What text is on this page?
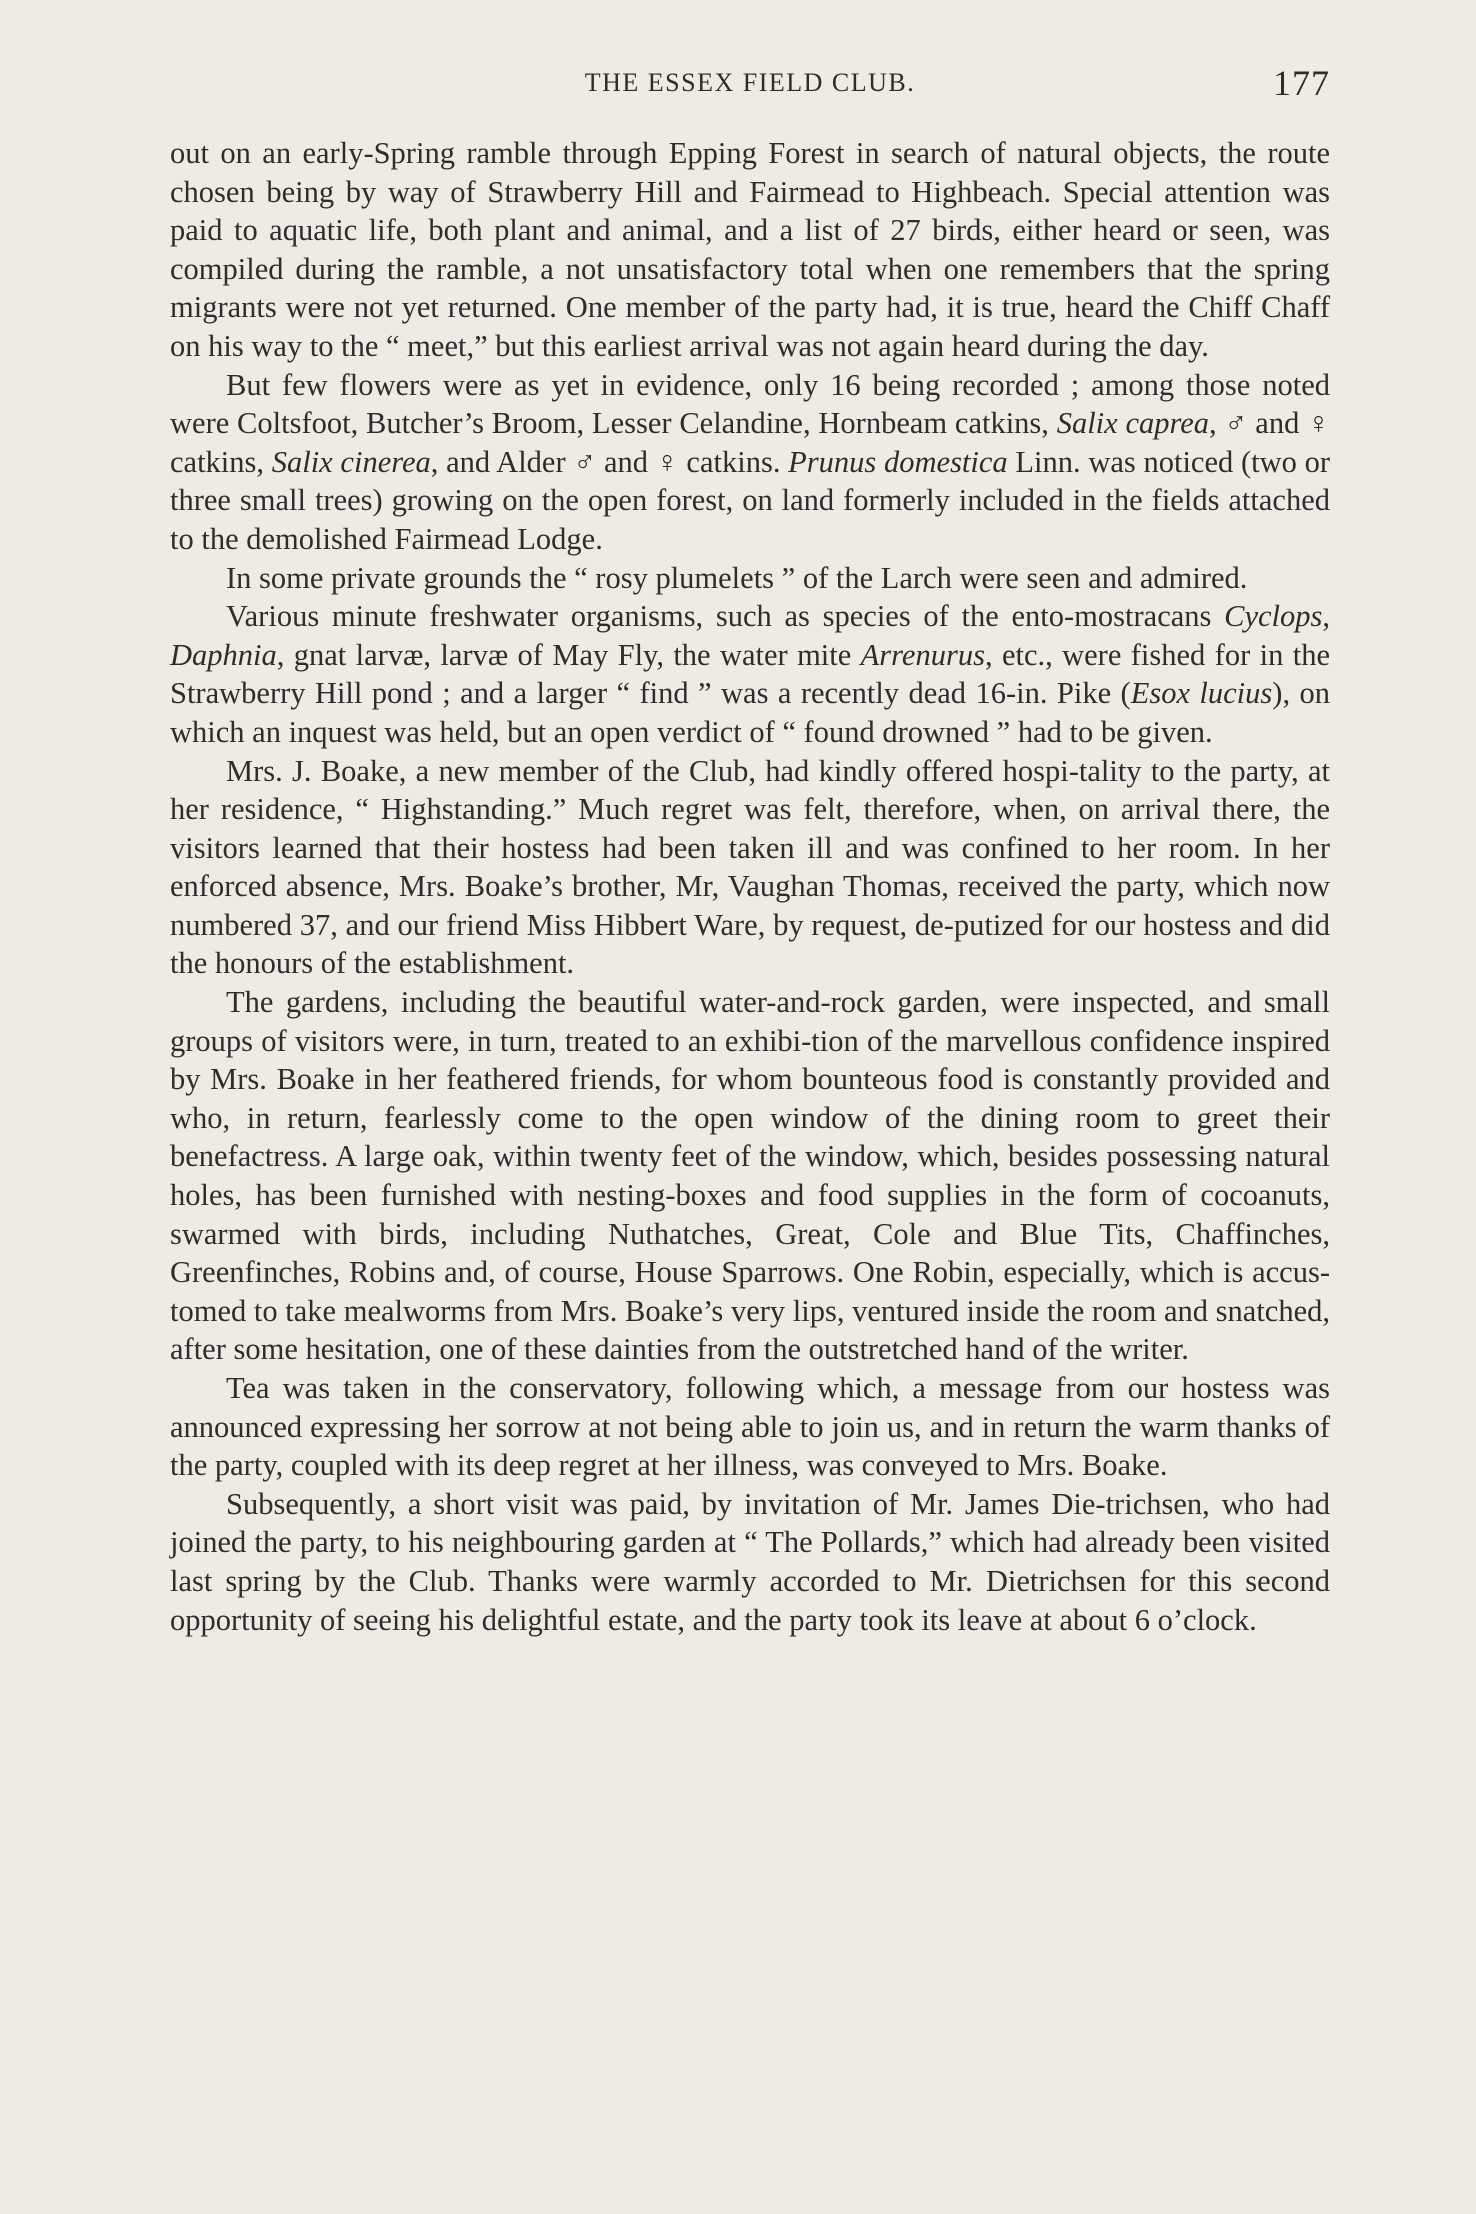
THE ESSEX FIELD CLUB.	177

out on an early-Spring ramble through Epping Forest in search of natural objects, the route chosen being by way of Strawberry Hill and Fairmead to Highbeach. Special attention was paid to aquatic life, both plant and animal, and a list of 27 birds, either heard or seen, was compiled during the ramble, a not unsatisfactory total when one remembers that the spring migrants were not yet returned. One member of the party had, it is true, heard the Chiff Chaff on his way to the “ meet,” but this earliest arrival was not again heard during the day.

But few flowers were as yet in evidence, only 16 being recorded ; among those noted were Coltsfoot, Butcher’s Broom, Lesser Celandine, Hornbeam catkins, Salix caprea, ♂ and ♀ catkins, Salix cinerea, and Alder ♂ and ♀ catkins. Prunus domestica Linn. was noticed (two or three small trees) growing on the open forest, on land formerly included in the fields attached to the demolished Fairmead Lodge.

In some private grounds the “ rosy plumelets ” of the Larch were seen and admired.

Various minute freshwater organisms, such as species of the ento-mostracans Cyclops, Daphnia, gnat larvæ, larvæ of May Fly, the water mite Arrenurus, etc., were fished for in the Strawberry Hill pond ; and a larger “ find ” was a recently dead 16-in. Pike (Esox lucius), on which an inquest was held, but an open verdict of “ found drowned ” had to be given.

Mrs. J. Boake, a new member of the Club, had kindly offered hospi-tality to the party, at her residence, “ Highstanding.” Much regret was felt, therefore, when, on arrival there, the visitors learned that their hostess had been taken ill and was confined to her room. In her enforced absence, Mrs. Boake’s brother, Mr, Vaughan Thomas, received the party, which now numbered 37, and our friend Miss Hibbert Ware, by request, de-putized for our hostess and did the honours of the establishment.

The gardens, including the beautiful water-and-rock garden, were inspected, and small groups of visitors were, in turn, treated to an exhibi-tion of the marvellous confidence inspired by Mrs. Boake in her feathered friends, for whom bounteous food is constantly provided and who, in return, fearlessly come to the open window of the dining room to greet their benefactress. A large oak, within twenty feet of the window, which, besides possessing natural holes, has been furnished with nesting-boxes and food supplies in the form of cocoanuts, swarmed with birds, including Nuthatches, Great, Cole and Blue Tits, Chaffinches, Greenfinches, Robins and, of course, House Sparrows. One Robin, especially, which is accus-tomed to take mealworms from Mrs. Boake’s very lips, ventured inside the room and snatched, after some hesitation, one of these dainties from the outstretched hand of the writer.

Tea was taken in the conservatory, following which, a message from our hostess was announced expressing her sorrow at not being able to join us, and in return the warm thanks of the party, coupled with its deep regret at her illness, was conveyed to Mrs. Boake.

Subsequently, a short visit was paid, by invitation of Mr. James Die-trichsen, who had joined the party, to his neighbouring garden at “ The Pollards,” which had already been visited last spring by the Club. Thanks were warmly accorded to Mr. Dietrichsen for this second opportunity of seeing his delightful estate, and the party took its leave at about 6 o’clock.
